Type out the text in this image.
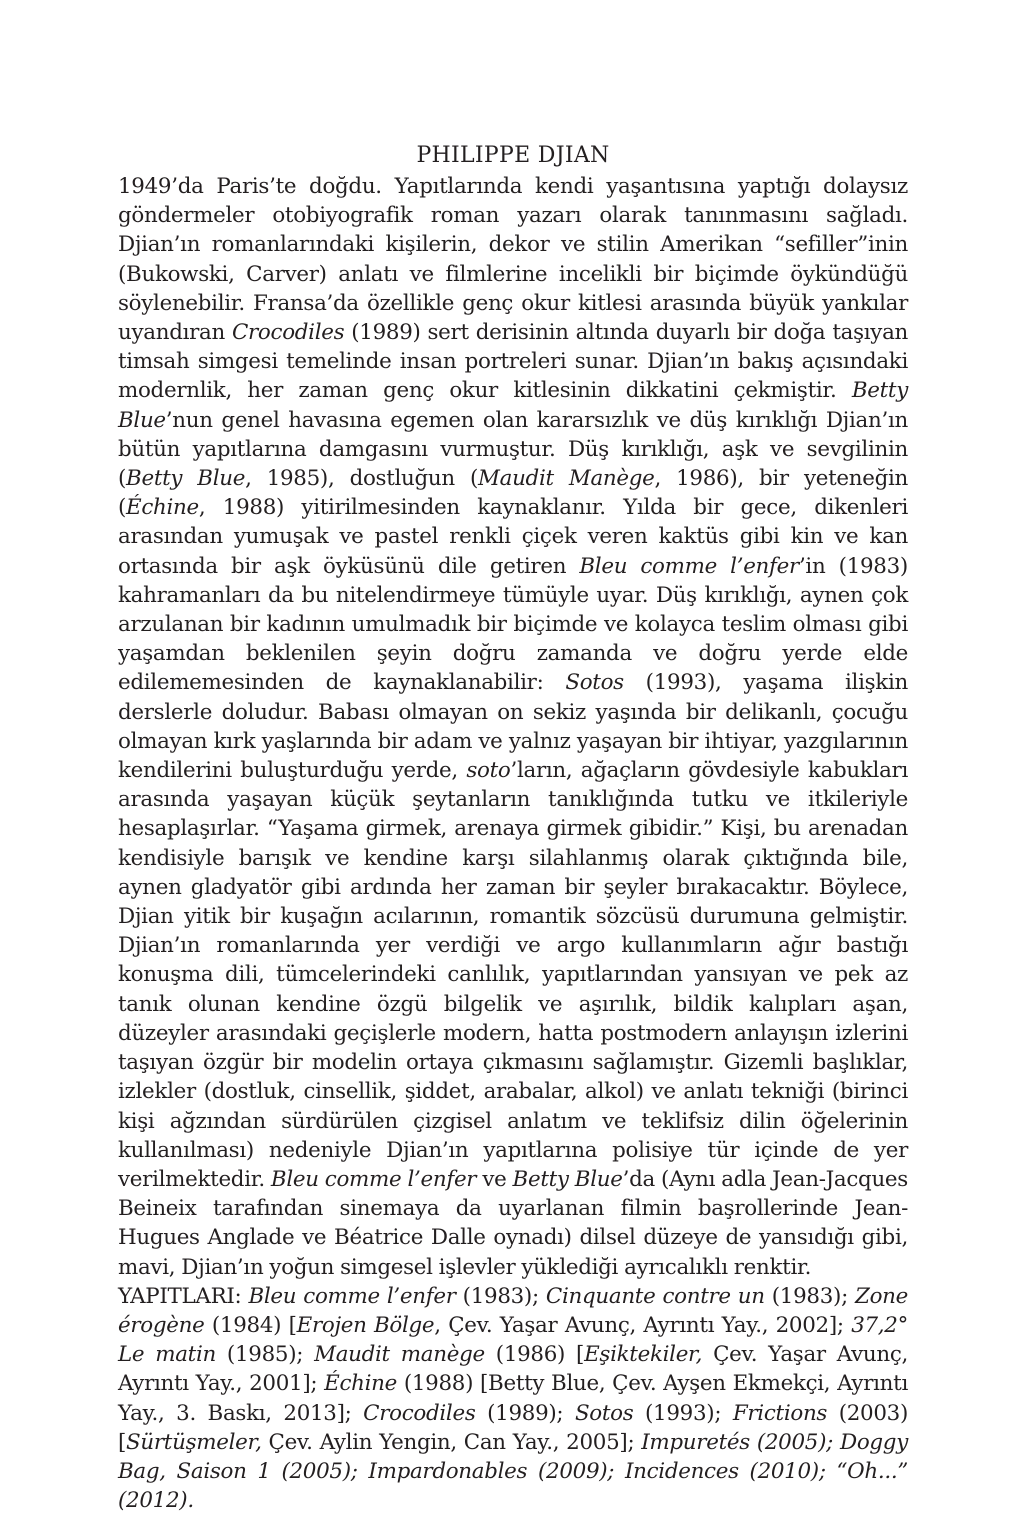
PHILIPPE DJIAN

1949’da Paris’te doğdu. Yapıtlarında kendi yaşantısına yaptığı dolaysız göndermeler otobiyografik roman yazarı olarak tanınmasını sağladı. Djian’ın romanlarındaki kişilerin, dekor ve stilin Amerikan “sefiller”inin (Bukowski, Carver) anlatı ve filmlerine incelikli bir biçimde öykündüğü söylenebilir. Fransa’da özellikle genç okur kitlesi arasında büyük yankılar uyandıran Crocodiles (1989) sert derisinin altında duyarlı bir doğa taşıyan timsah simgesi temelinde insan portreleri sunar. Djian’ın bakış açısındaki modernlik, her zaman genç okur kitlesinin dikkatini çekmiştir. Betty Blue’nun genel havasına egemen olan kararsızlık ve düş kırıklığı Djian’ın bütün yapıtlarına damgasını vurmuştur. Düş kırıklığı, aşk ve sevgilinin (Betty Blue, 1985), dostluğun (Maudit Manège, 1986), bir yeteneğin (Échine, 1988) yitirilmesinden kaynaklanır. Yılda bir gece, dikenleri arasından yumuşak ve pastel renkli çiçek veren kaktüs gibi kin ve kan ortasında bir aşk öyküsünü dile getiren Bleu comme l’enfer’in (1983) kahramanları da bu nitelendirmeye tümüyle uyar. Düş kırıklığı, aynen çok arzulanan bir kadının umulmadık bir biçimde ve kolayca teslim olması gibi yaşamdan beklenilen şeyin doğru zamanda ve doğru yerde elde edilememesinden de kaynaklanabilir: Sotos (1993), yaşama ilişkin derslerle doludur. Babası olmayan on sekiz yaşında bir delikanlı, çocuğu olmayan kırk yaşlarında bir adam ve yalnız yaşayan bir ihtiyar, yazgılarının kendilerini buluşturduğu yerde, soto’ların, ağaçların gövdesiyle kabukları arasında yaşayan küçük şeytanların tanıklığında tutku ve itkileriyle hesaplaşırlar. “Yaşama girmek, arenaya girmek gibidir.” Kişi, bu arenadan kendisiyle barışık ve kendine karşı silahlanmış olarak çıktığında bile, aynen gladyatör gibi ardında her zaman bir şeyler bırakacaktır. Böylece, Djian yitik bir kuşağın acılarının, romantik sözcüsü durumuna gelmiştir. Djian’ın romanlarında yer verdiği ve argo kullanımların ağır bastığı konuşma dili, tümcelerindeki canlılık, yapıtlarından yansıyan ve pek az tanık olunan kendine özgü bilgelik ve aşırılık, bildik kalıpları aşan, düzeyler arasındaki geçişlerle modern, hatta postmodern anlayışın izlerini taşıyan özgür bir modelin ortaya çıkmasını sağlamıştır. Gizemli başlıklar, izlekler (dostluk, cinsellik, şiddet, arabalar, alkol) ve anlatı tekniği (birinci kişi ağzından sürdürülen çizgisel anlatım ve teklifsiz dilin öğelerinin kullanılması) nedeniyle Djian’ın yapıtlarına polisiye tür içinde de yer verilmektedir. Bleu comme l’enfer ve Betty Blue’da (Aynı adla Jean-Jacques Beineix tarafından sinemaya da uyarlanan filmin başrollerinde Jean-Hugues Anglade ve Béatrice Dalle oynadı) dilsel düzeye de yansıdığı gibi, mavi, Djian’ın yoğun simgesel işlevler yüklediği ayrıcalıklı renktir.

YAPITLARI: Bleu comme l’enfer (1983); Cinquante contre un (1983); Zone érogène (1984) [Erojen Bölge, Çev. Yaşar Avunç, Ayrıntı Yay., 2002]; 37,2° Le matin (1985); Maudit manège (1986) [Eşiktekiler, Çev. Yaşar Avunç, Ayrıntı Yay., 2001]; Échine (1988) [Betty Blue, Çev. Ayşen Ekmekçi, Ayrıntı Yay., 3. Baskı, 2013]; Crocodiles (1989); Sotos (1993); Frictions (2003) [Sürtüşmeler, Çev. Aylin Yengin, Can Yay., 2005]; Impuretés (2005); Doggy Bag, Saison 1 (2005); Impardonables (2009); Incidences (2010); “Oh...” (2012).
